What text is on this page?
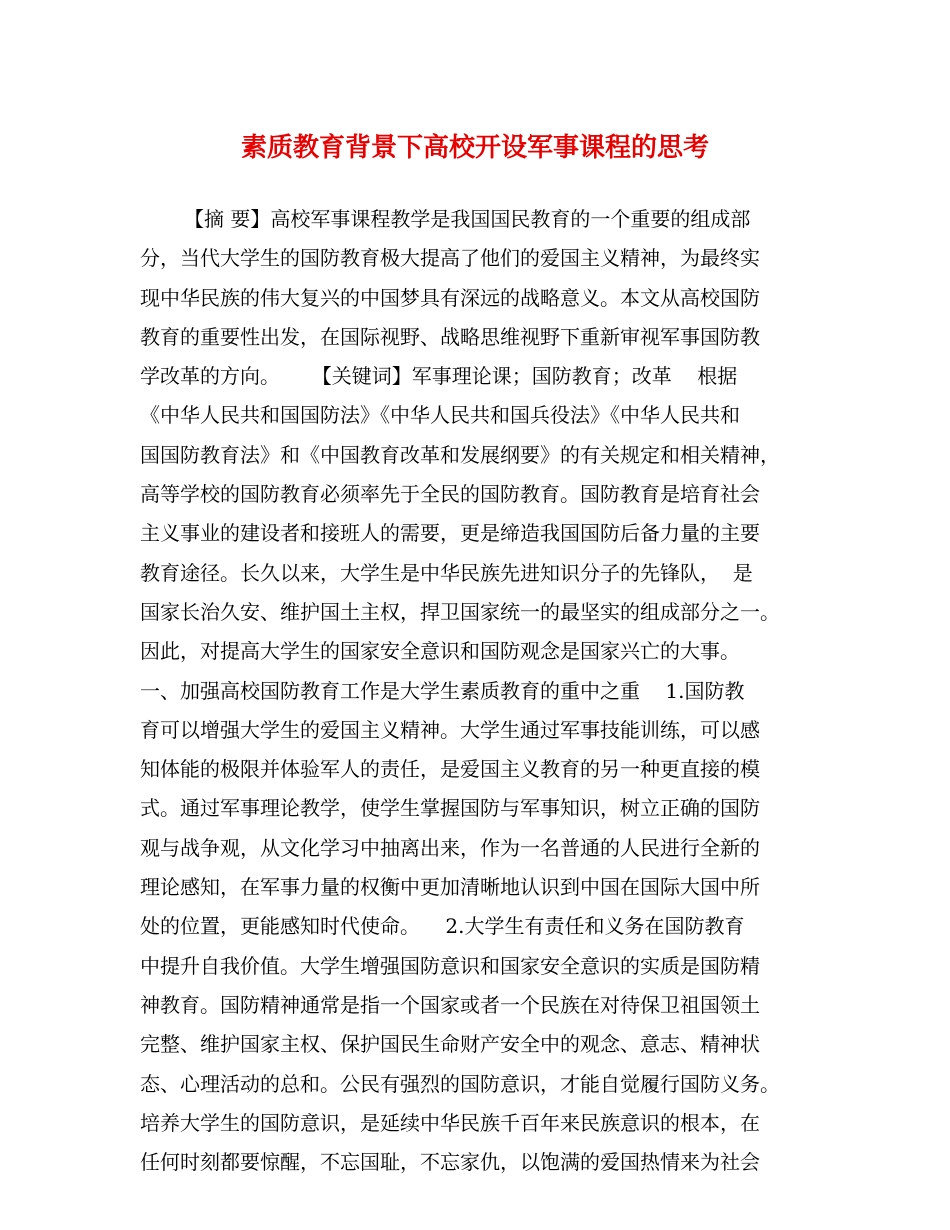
素质教育背景下高校开设军事课程的思考
【摘 要】高校军事课程教学是我国国民教育的一个重要的组成部
分，当代大学生的国防教育极大提高了他们的爱国主义精神，为最终实
现中华民族的伟大复兴的中国梦具有深远的战略意义。本文从高校国防
教育的重要性出发，在国际视野、战略思维视野下重新审视军事国防教
学改革的方向。     【关键词】军事理论课；国防教育；改革    根据
《中华人民共和国国防法》《中华人民共和国兵役法》《中华人民共和
国国防教育法》和《中国教育改革和发展纲要》的有关规定和相关精神，
高等学校的国防教育必须率先于全民的国防教育。国防教育是培育社会
主义事业的建设者和接班人的需要，更是缔造我国国防后备力量的主要
教育途径。长久以来，大学生是中华民族先进知识分子的先锋队，  是
国家长治久安、维护国土主权，捍卫国家统一的最坚实的组成部分之一。
因此，对提高大学生的国家安全意识和国防观念是国家兴亡的大事。
一、加强高校国防教育工作是大学生素质教育的重中之重    1.国防教
育可以增强大学生的爱国主义精神。大学生通过军事技能训练，可以感
知体能的极限并体验军人的责任，是爱国主义教育的另一种更直接的模
式。通过军事理论教学，使学生掌握国防与军事知识，树立正确的国防
观与战争观，从文化学习中抽离出来，作为一名普通的人民进行全新的
理论感知，在军事力量的权衡中更加清晰地认识到中国在国际大国中所
处的位置，更能感知时代使命。    2.大学生有责任和义务在国防教育
中提升自我价值。大学生增强国防意识和国家安全意识的实质是国防精
神教育。国防精神通常是指一个国家或者一个民族在对待保卫祖国领土
完整、维护国家主权、保护国民生命财产安全中的观念、意志、精神状
态、心理活动的总和。公民有强烈的国防意识，才能自觉履行国防义务。
培养大学生的国防意识，是延续中华民族千百年来民族意识的根本，在
任何时刻都要惊醒，不忘国耻，不忘家仇，以饱满的爱国热情来为社会
